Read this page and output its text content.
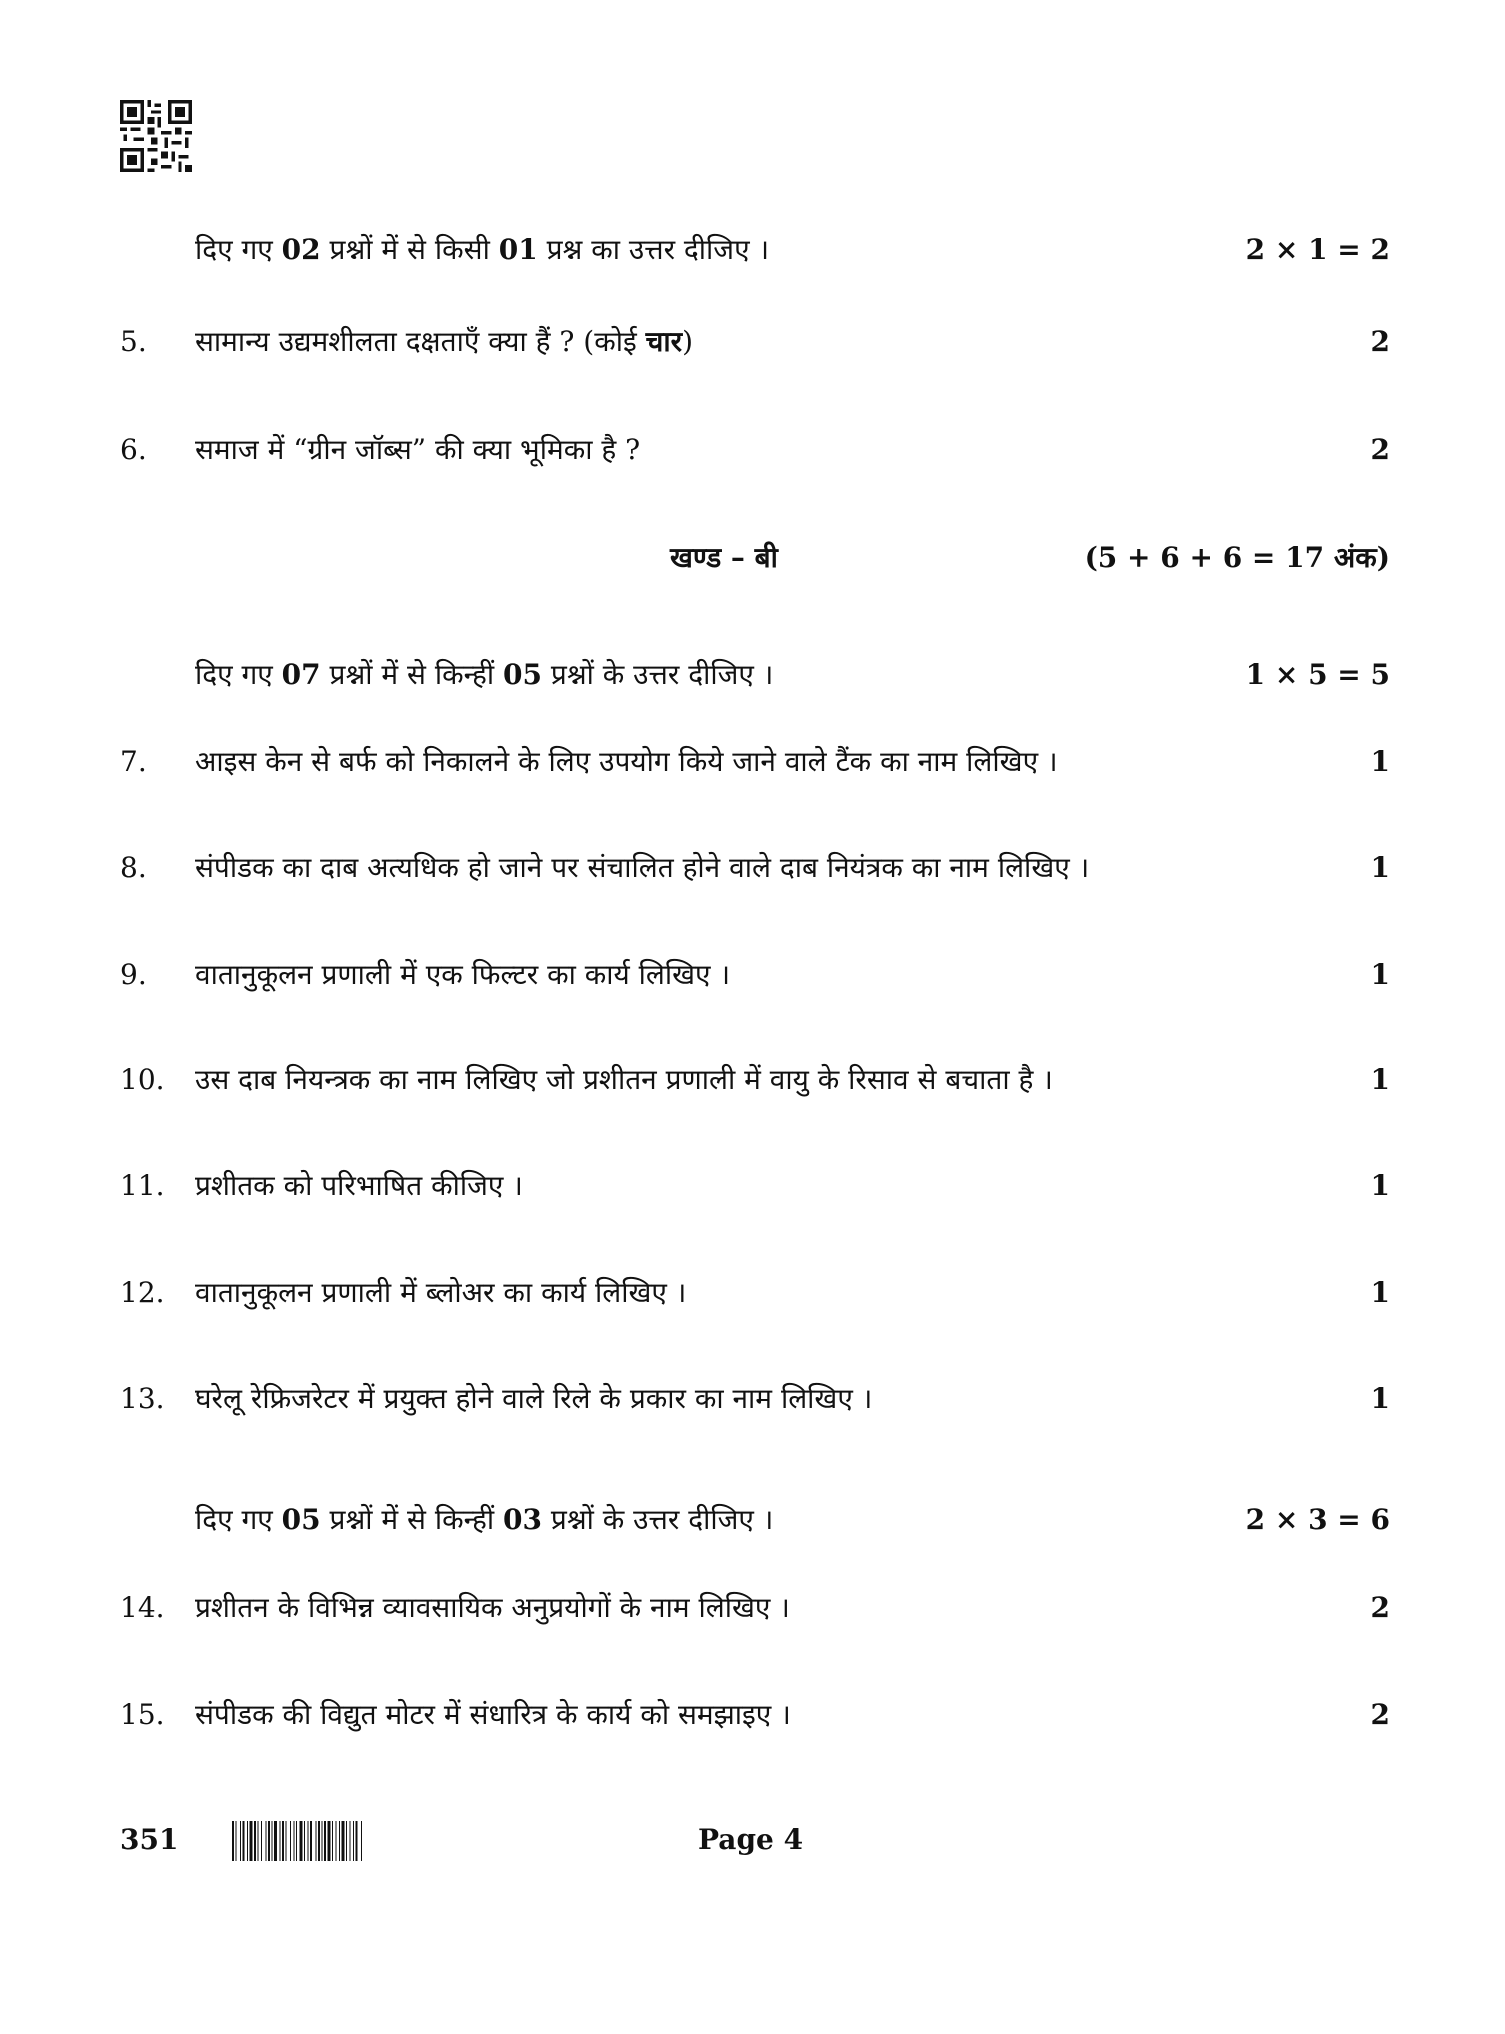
दिए गए 02 प्रश्नों में से किसी 01 प्रश्न का उत्तर दीजिए ।	2 × 1 = 2
5. सामान्य उद्यमशीलता दक्षताएँ क्या हैं ? (कोई चार)	2
6. समाज में “ग्रीन जॉब्स” की क्या भूमिका है ?	2
खण्ड – बी	(5 + 6 + 6 = 17 अंक)
दिए गए 07 प्रश्नों में से किन्हीं 05 प्रश्नों के उत्तर दीजिए ।	1 × 5 = 5
7. आइस केन से बर्फ को निकालने के लिए उपयोग किये जाने वाले टैंक का नाम लिखिए ।	1
8. संपीडक का दाब अत्यधिक हो जाने पर संचालित होने वाले दाब नियंत्रक का नाम लिखिए ।	1
9. वातानुकूलन प्रणाली में एक फिल्टर का कार्य लिखिए ।	1
10. उस दाब नियन्त्रक का नाम लिखिए जो प्रशीतन प्रणाली में वायु के रिसाव से बचाता है ।	1
11. प्रशीतक को परिभाषित कीजिए ।	1
12. वातानुकूलन प्रणाली में ब्लोअर का कार्य लिखिए ।	1
13. घरेलू रेफ्रिजरेटर में प्रयुक्त होने वाले रिले के प्रकार का नाम लिखिए ।	1
दिए गए 05 प्रश्नों में से किन्हीं 03 प्रश्नों के उत्तर दीजिए ।	2 × 3 = 6
14. प्रशीतन के विभिन्न व्यावसायिक अनुप्रयोगों के नाम लिखिए ।	2
15. संपीडक की विद्युत मोटर में संधारित्र के कार्य को समझाइए ।	2
351	Page 4
